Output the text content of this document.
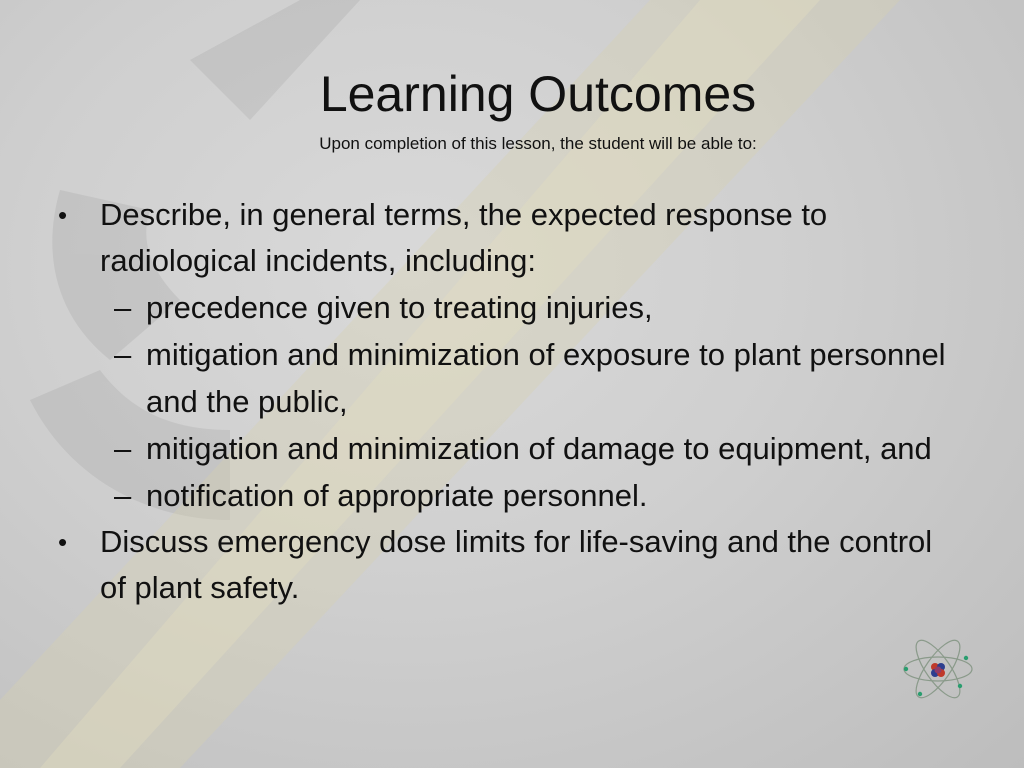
Learning Outcomes
Upon completion of this lesson, the student will be able to:
• Describe, in general terms, the expected response to radiological incidents, including:
– precedence given to treating injuries,
– mitigation and minimization of exposure to plant personnel and the public,
– mitigation and minimization of damage to equipment, and
– notification of appropriate personnel.
• Discuss emergency dose limits for life-saving and the control of plant safety.
